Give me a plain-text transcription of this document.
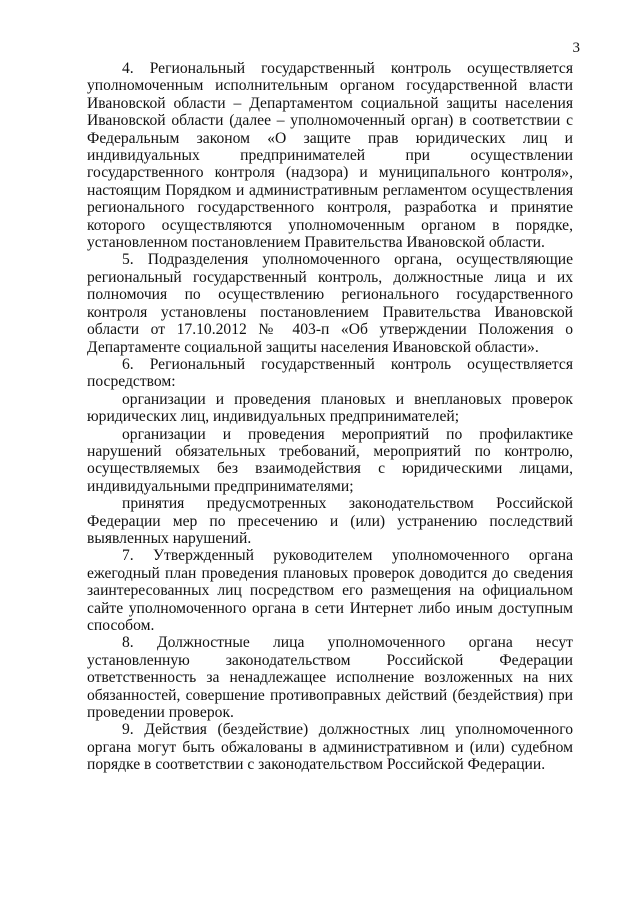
3

4. Региональный государственный контроль осуществляется уполномоченным исполнительным органом государственной власти Ивановской области – Департаментом социальной защиты населения Ивановской области (далее – уполномоченный орган) в соответствии с Федеральным законом «О защите прав юридических лиц и индивидуальных предпринимателей при осуществлении государственного контроля (надзора) и муниципального контроля», настоящим Порядком и административным регламентом осуществления регионального государственного контроля, разработка и принятие которого осуществляются уполномоченным органом в порядке, установленном постановлением Правительства Ивановской области.

5. Подразделения уполномоченного органа, осуществляющие региональный государственный контроль, должностные лица и их полномочия по осуществлению регионального государственного контроля установлены постановлением Правительства Ивановской области от 17.10.2012 № 403-п «Об утверждении Положения о Департаменте социальной защиты населения Ивановской области».

6. Региональный государственный контроль осуществляется посредством:

организации и проведения плановых и внеплановых проверок юридических лиц, индивидуальных предпринимателей;

организации и проведения мероприятий по профилактике нарушений обязательных требований, мероприятий по контролю, осуществляемых без взаимодействия с юридическими лицами, индивидуальными предпринимателями;

принятия предусмотренных законодательством Российской Федерации мер по пресечению и (или) устранению последствий выявленных нарушений.

7. Утвержденный руководителем уполномоченного органа ежегодный план проведения плановых проверок доводится до сведения заинтересованных лиц посредством его размещения на официальном сайте уполномоченного органа в сети Интернет либо иным доступным способом.

8. Должностные лица уполномоченного органа несут установленную законодательством Российской Федерации ответственность за ненадлежащее исполнение возложенных на них обязанностей, совершение противоправных действий (бездействия) при проведении проверок.

9. Действия (бездействие) должностных лиц уполномоченного органа могут быть обжалованы в административном и (или) судебном порядке в соответствии с законодательством Российской Федерации.
